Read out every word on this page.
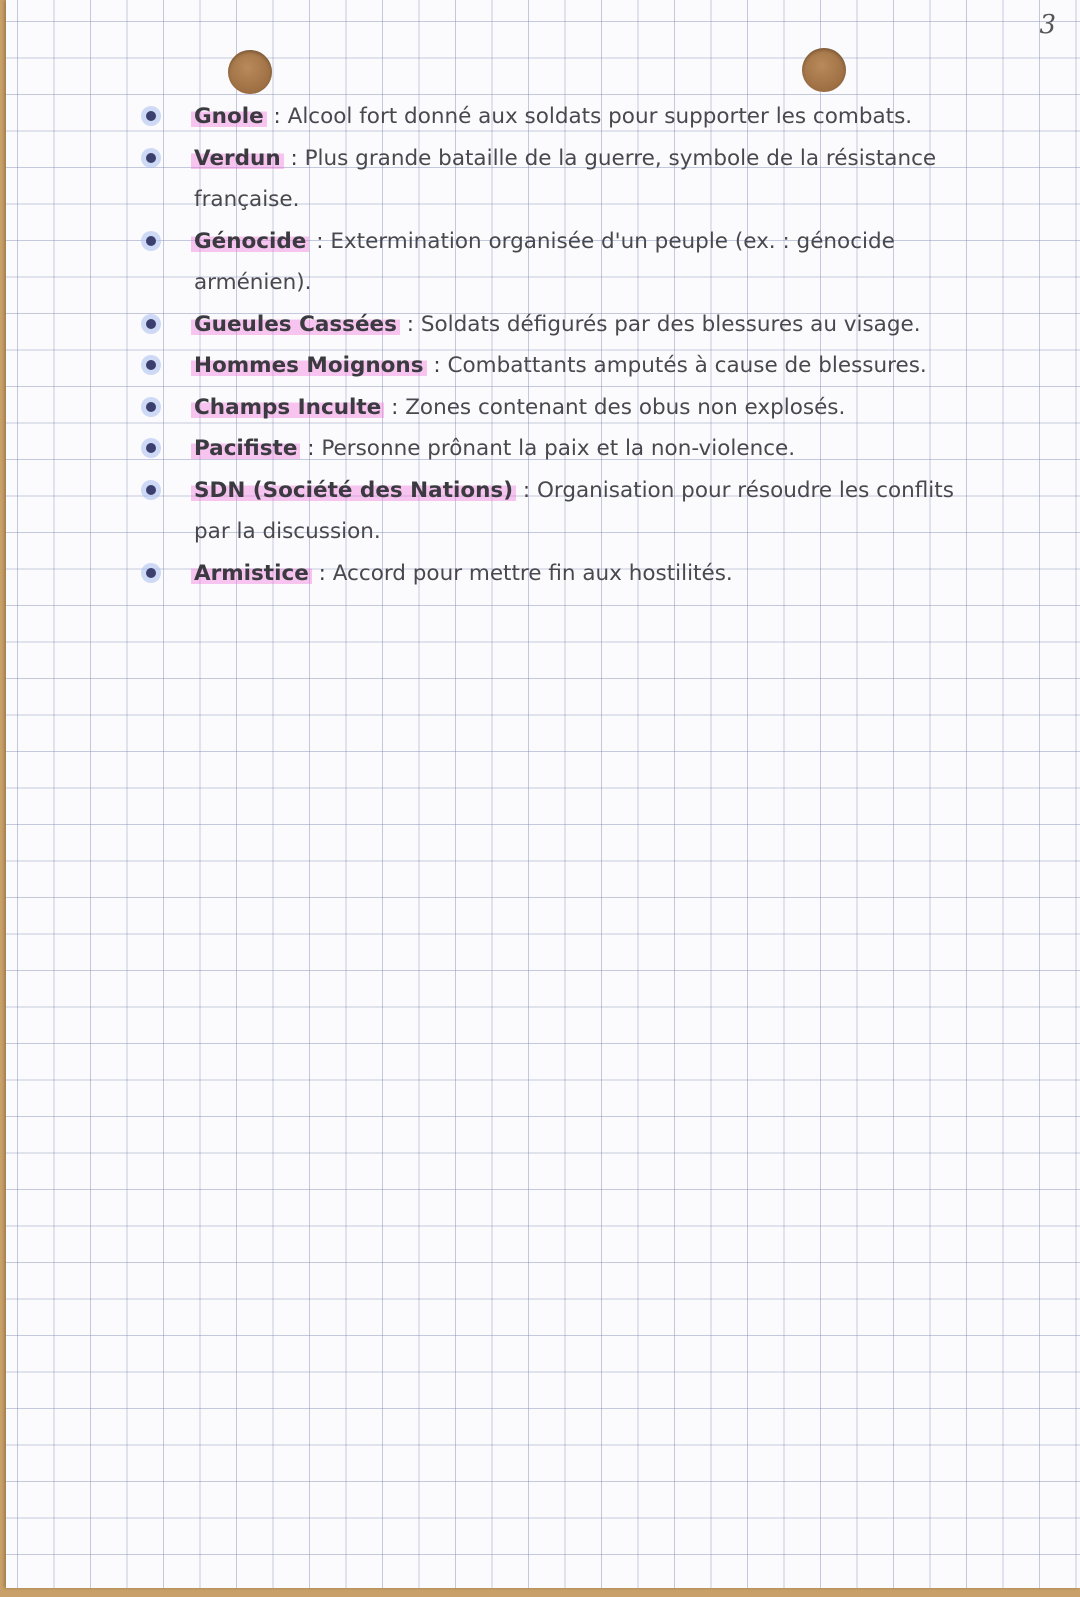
3
Gnole : Alcool fort donné aux soldats pour supporter les combats.
Verdun : Plus grande bataille de la guerre, symbole de la résistance française.
Génocide : Extermination organisée d'un peuple (ex. : génocide arménien).
Gueules Cassées : Soldats défigurés par des blessures au visage.
Hommes Moignons : Combattants amputés à cause de blessures.
Champs Inculte : Zones contenant des obus non explosés.
Pacifiste : Personne prônant la paix et la non-violence.
SDN (Société des Nations) : Organisation pour résoudre les conflits par la discussion.
Armistice : Accord pour mettre fin aux hostilités.
